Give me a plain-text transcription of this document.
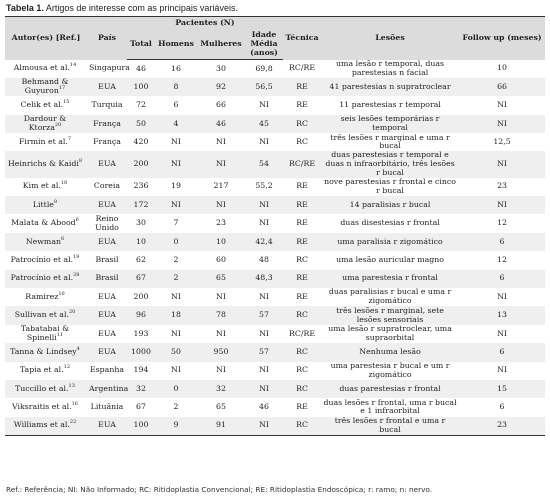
Tabela 1. Artigos de interesse com as principais variáveis.
Autor(es) [Ref.]	País	Pacientes (N)				Técnica	Lesões	Follow up (meses)
		Total	Homens	Mulheres	Idade Média (anos)			
Almousa et al.$^{14}$	Singapura	46	16	30	69,8	RC/RE	uma lesão r temporal, duas parestesias n facial	10
Behmand & Guyuron$^{17}$	EUA	100	8	92	56,5	RE	41 parestesias n supratroclear	66
Celik et al.$^{15}$	Turquia	72	6	66	NI	RE	11 parestesias r temporal	NI
Dardour & Ktorza$^{20}$	França	50	4	46	45	RC	seis lesões temporárias r temporal	NI
Firmin et al.$^7$	França	420	NI	NI	NI	RC	três lesões r marginal e uma r bucal	12,5
Heinrichs & Kaidi$^8$	EUA	200	NI	NI	54	RC/RE	duas parestesias r temporal e duas n infraorbitário, três lesões r bucal	NI
Kim et al.$^{18}$	Coreia	236	19	217	55,2	RE	nove parestesias r frontal e cinco r bucal	23
Little$^9$	EUA	172	NI	NI	NI	RE	14 paralisias r bucal	NI
Malata & Abood$^6$	Reino Unido	30	7	23	NI	RE	duas disestesias r frontal	12
Newman$^6$	EUA	10	0	10	42,4	RE	uma paralisia r zigomático	6
Patrocínio et al.$^{19}$	Brasil	62	2	60	48	RC	uma lesão auricular magno	12
Patrocínio et al.$^{28}$	Brasil	67	2	65	48,3	RE	uma parestesia r frontal	6
Ramirez$^{10}$	EUA	200	NI	NI	NI	RE	duas paralisias r bucal e uma r zigomático	NI
Sullivan et al.$^{20}$	EUA	96	18	78	57	RC	três lesões r marginal, sete lesões sensoriais	13
Tabatabai & Spinelli$^{11}$	EUA	193	NI	NI	NI	RC/RE	uma lesão r supratroclear, uma supraorbital	NI
Tanna & Lindsey$^4$	EUA	1000	50	950	57	RC	Nenhuma lesão	6
Tapia et al.$^{12}$	Espanha	194	NI	NI	NI	RC	uma parestesia r bucal e um r zigomático	NI
Tuccillo et al.$^{13}$	Argentina	32	0	32	NI	RC	duas parestesias r frontal	15
Viksraitis et al.$^{16}$	Lituânia	67	2	65	46	RE	duas lesões r frontal, uma r bucal e 1 infraorbital	6
Williams et al.$^{22}$	EUA	100	9	91	NI	RC	três lesões r frontal e uma r bucal	23
Ref.: Referência; NI: Não Informado; RC: Ritidoplastia Convencional; RE: Ritidoplastia Endoscópica; r: ramo; n: nervo.
